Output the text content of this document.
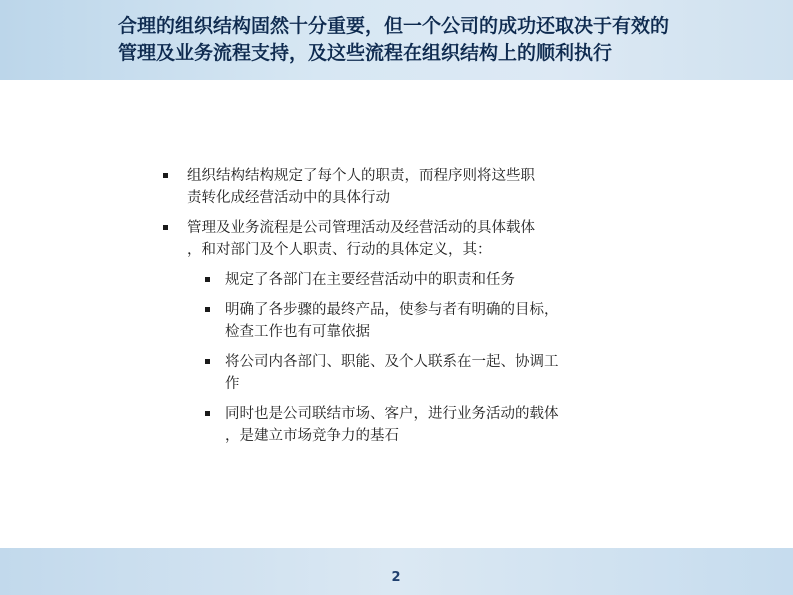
合理的组织结构固然十分重要，但一个公司的成功还取决于有效的
管理及业务流程支持，及这些流程在组织结构上的顺利执行
组织结构结构规定了每个人的职责，而程序则将这些职
责转化成经营活动中的具体行动
管理及业务流程是公司管理活动及经营活动的具体载体
，和对部门及个人职责、行动的具体定义，其：
规定了各部门在主要经营活动中的职责和任务
明确了各步骤的最终产品，使参与者有明确的目标，
检查工作也有可靠依据
将公司内各部门、职能、及个人联系在一起、协调工
作
同时也是公司联结市场、客户，进行业务活动的载体
，是建立市场竞争力的基石
2
